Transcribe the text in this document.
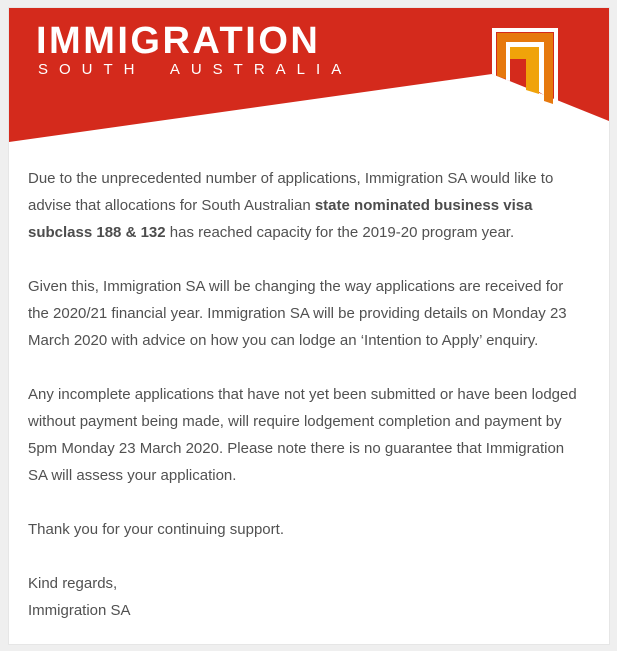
IMMIGRATION
SOUTH AUSTRALIA
Due to the unprecedented number of applications, Immigration SA would like to
advise that allocations for South Australian state nominated business visa
subclass 188 & 132 has reached capacity for the 2019-20 program year.
Given this, Immigration SA will be changing the way applications are received for
the 2020/21 financial year. Immigration SA will be providing details on Monday 23
March 2020 with advice on how you can lodge an ‘Intention to Apply’ enquiry.
Any incomplete applications that have not yet been submitted or have been lodged
without payment being made, will require lodgement completion and payment by
5pm Monday 23 March 2020. Please note there is no guarantee that Immigration
SA will assess your application.
Thank you for your continuing support.
Kind regards,
Immigration SA
